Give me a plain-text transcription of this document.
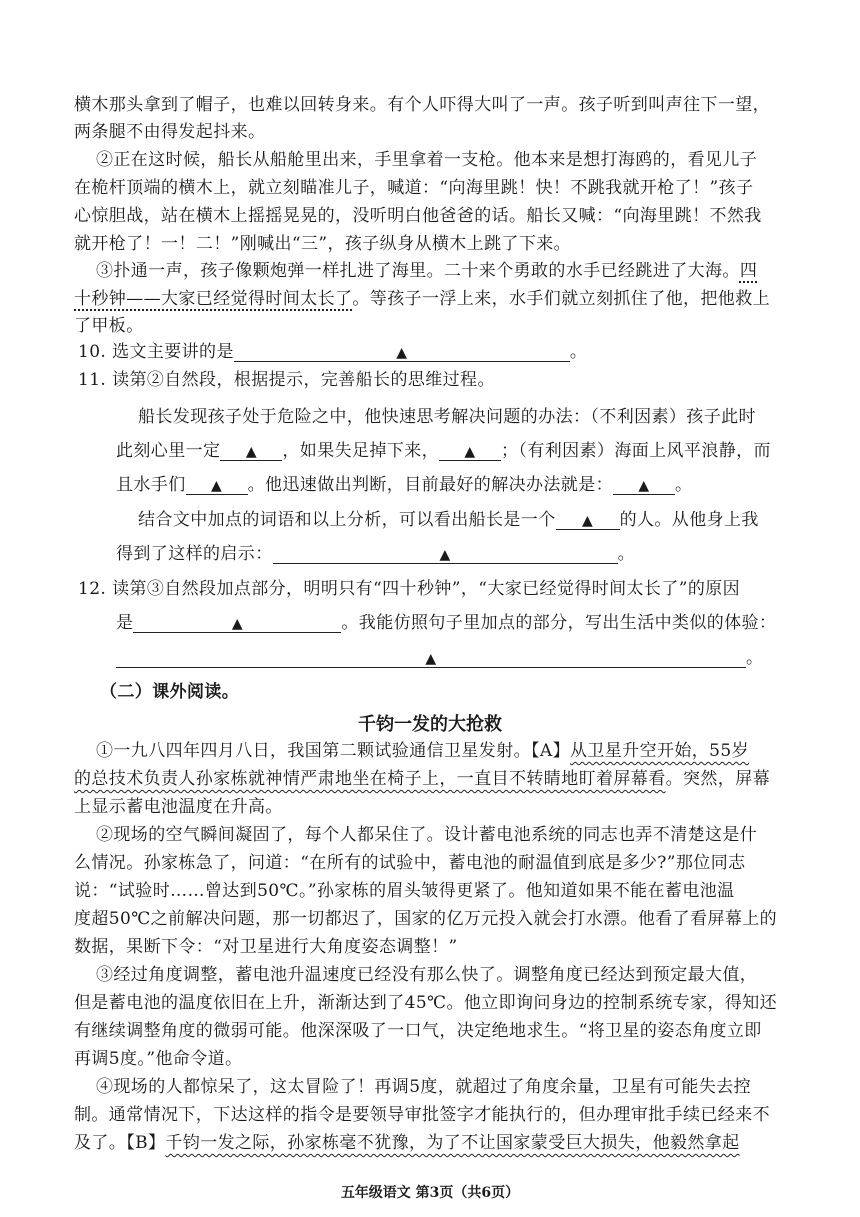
横木那头拿到了帽子，也难以回转身来。有个人吓得大叫了一声。孩子听到叫声往下一望，
两条腿不由得发起抖来。
②正在这时候，船长从船舱里出来，手里拿着一支枪。他本来是想打海鸥的，看见儿子
在桅杆顶端的横木上，就立刻瞄准儿子，喊道：“向海里跳！快！不跳我就开枪了！”孩子
心惊胆战，站在横木上摇摇晃晃的，没听明白他爸爸的话。船长又喊：“向海里跳！不然我
就开枪了！一！二！”刚喊出“三”，孩子纵身从横木上跳了下来。
③扑通一声，孩子像颗炮弹一样扎进了海里。二十来个勇敢的水手已经跳进了大海。四
十秒钟——大家已经觉得时间太长了。等孩子一浮上来，水手们就立刻抓住了他，把他救上
了甲板。
10. 选文主要讲的是	▲	。
11. 读第②自然段，根据提示，完善船长的思维过程。
船长发现孩子处于危险之中，他快速思考解决问题的办法：（不利因素）孩子此时
此刻心里一定 ▲ ，如果失足掉下来， ▲ ；（有利因素）海面上风平浪静，而
且水手们 ▲ 。他迅速做出判断，目前最好的解决办法就是： ▲ 。
结合文中加点的词语和以上分析，可以看出船长是一个 ▲ 的人。从他身上我
得到了这样的启示：	▲	。
12. 读第③自然段加点部分，明明只有“四十秒钟”，“大家已经觉得时间太长了”的原因
是	▲	。我能仿照句子里加点的部分，写出生活中类似的体验：
▲	。
（二）课外阅读。
千钧一发的大抢救
①一九八四年四月八日，我国第二颗试验通信卫星发射。【A】从卫星升空开始，55岁
的总技术负责人孙家栋就神情严肃地坐在椅子上，一直目不转睛地盯着屏幕看。突然，屏幕
上显示蓄电池温度在升高。
②现场的空气瞬间凝固了，每个人都呆住了。设计蓄电池系统的同志也弄不清楚这是什
么情况。孙家栋急了，问道：“在所有的试验中，蓄电池的耐温值到底是多少?”那位同志
说：“试验时……曾达到50℃。”孙家栋的眉头皱得更紧了。他知道如果不能在蓄电池温
度超50℃之前解决问题，那一切都迟了，国家的亿万元投入就会打水漂。他看了看屏幕上的
数据，果断下令：“对卫星进行大角度姿态调整！”
③经过角度调整，蓄电池升温速度已经没有那么快了。调整角度已经达到预定最大值，
但是蓄电池的温度依旧在上升，渐渐达到了45℃。他立即询问身边的控制系统专家，得知还
有继续调整角度的微弱可能。他深深吸了一口气，决定绝地求生。“将卫星的姿态角度立即
再调5度。”他命令道。
④现场的人都惊呆了，这太冒险了！再调5度，就超过了角度余量，卫星有可能失去控
制。通常情况下，下达这样的指令是要领导审批签字才能执行的，但办理审批手续已经来不
及了。【B】千钧一发之际，孙家栋毫不犹豫，为了不让国家蒙受巨大损失，他毅然拿起
五年级语文 第3页（共6页）
